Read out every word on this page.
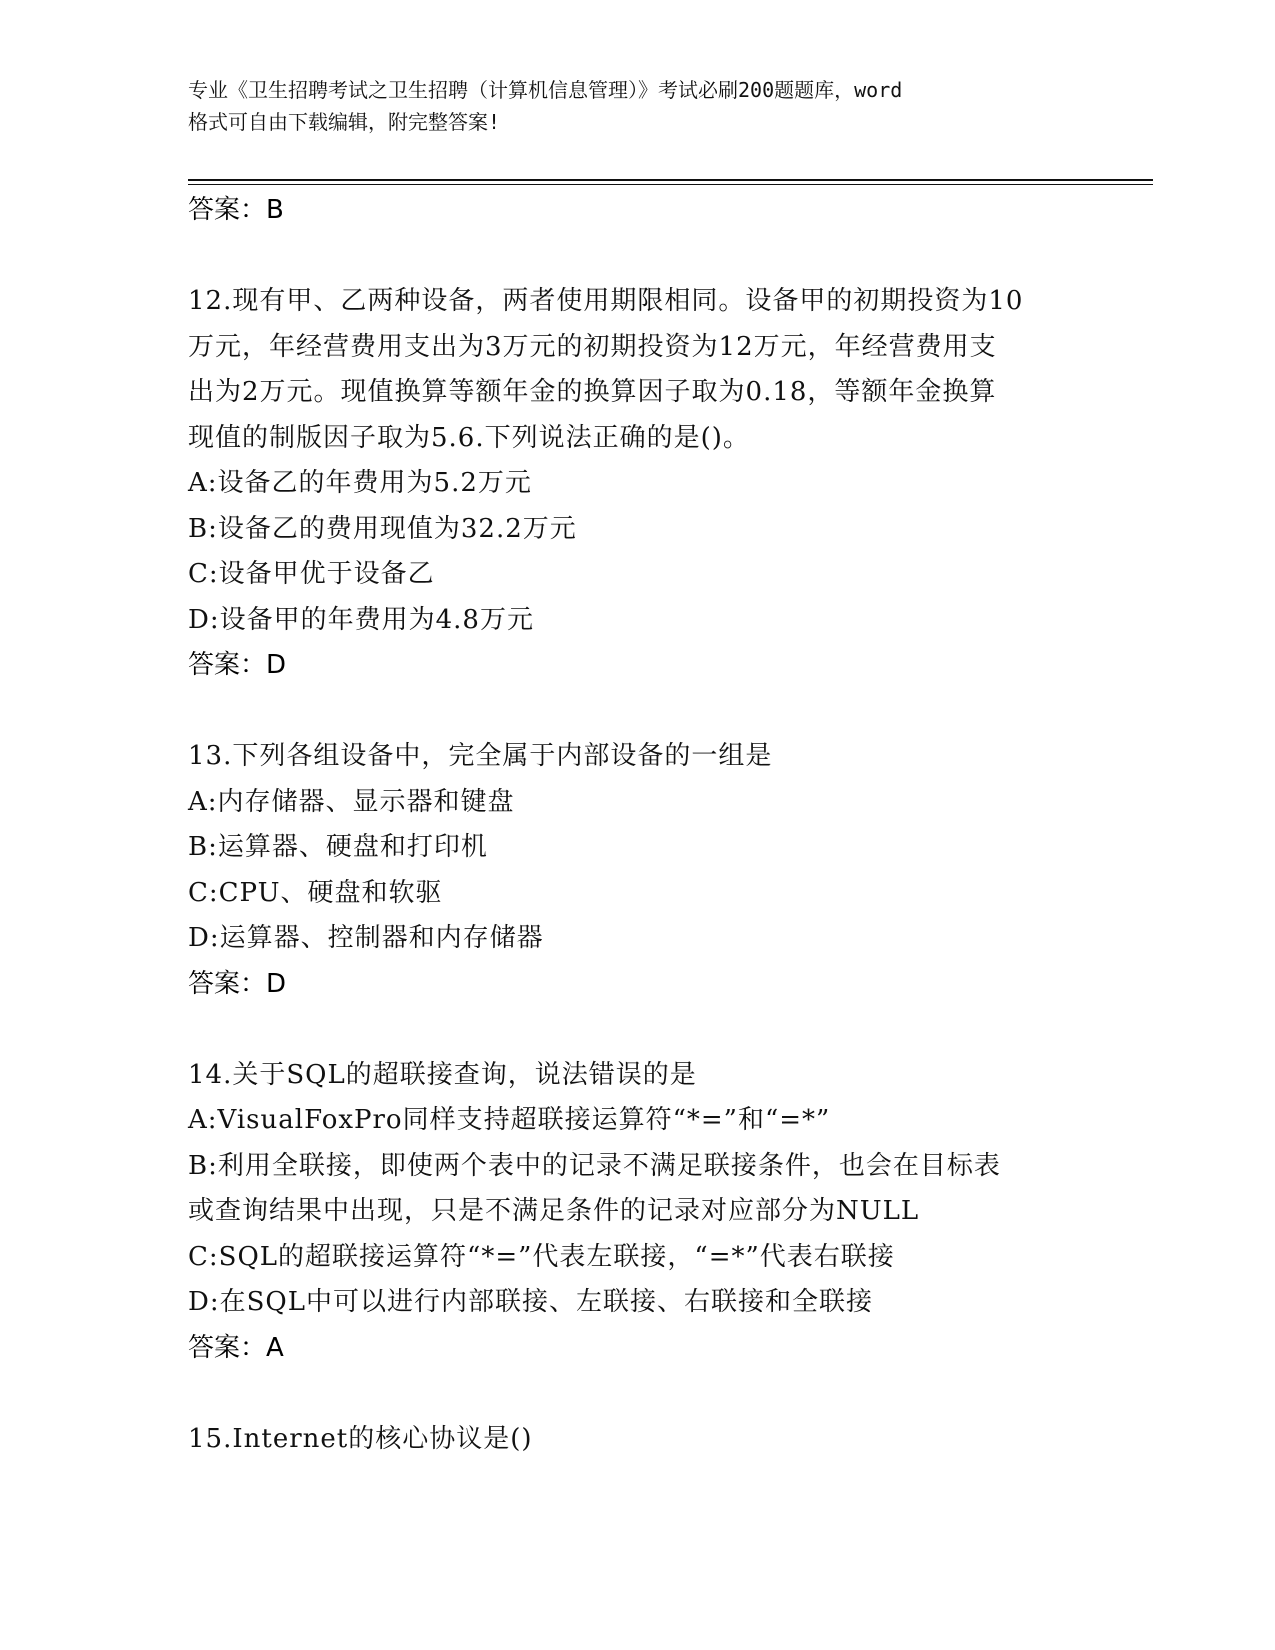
专业《卫生招聘考试之卫生招聘（计算机信息管理）》考试必刷200题题库，word
格式可自由下载编辑，附完整答案!

答案：B

12.现有甲、乙两种设备，两者使用期限相同。设备甲的初期投资为10

万元，年经营费用支出为3万元的初期投资为12万元，年经营费用支

出为2万元。现值换算等额年金的换算因子取为0.18，等额年金换算

现值的制版因子取为5.6.下列说法正确的是()。

A:设备乙的年费用为5.2万元

B:设备乙的费用现值为32.2万元

C:设备甲优于设备乙

D:设备甲的年费用为4.8万元

答案：D

13.下列各组设备中，完全属于内部设备的一组是

A:内存储器、显示器和键盘

B:运算器、硬盘和打印机

C:CPU、硬盘和软驱

D:运算器、控制器和内存储器

答案：D

14.关于SQL的超联接查询，说法错误的是

A:VisualFoxPro同样支持超联接运算符“*=”和“=*”

B:利用全联接，即使两个表中的记录不满足联接条件，也会在目标表

或查询结果中出现，只是不满足条件的记录对应部分为NULL

C:SQL的超联接运算符“*=”代表左联接，“=*”代表右联接

D:在SQL中可以进行内部联接、左联接、右联接和全联接

答案：A

15.Internet的核心协议是()
